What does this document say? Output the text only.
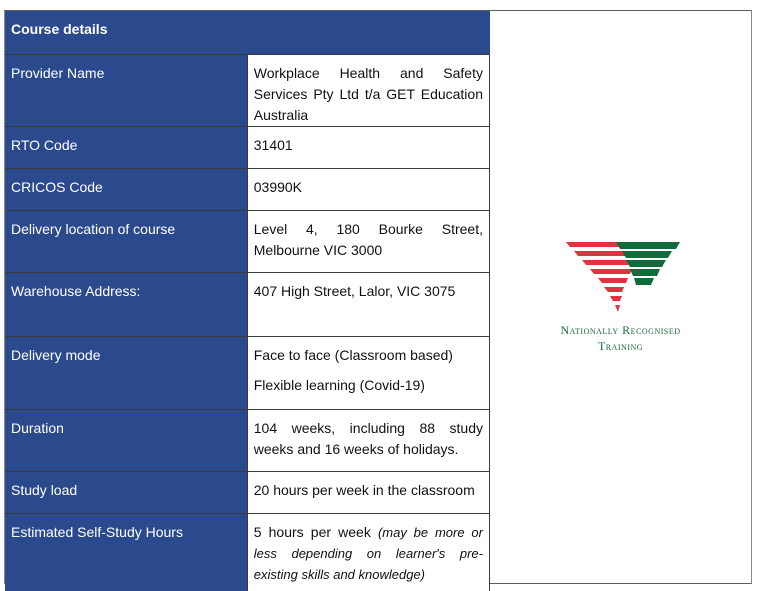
Course details	
Provider Name	Workplace Health and Safety Services Pty Ltd t/a GET Education Australia
RTO Code	31401
CRICOS Code	03990K
Delivery location of course	Level 4, 180 Bourke Street, Melbourne VIC 3000
Warehouse Address:	407 High Street, Lalor, VIC 3075
Delivery mode	Face to face (Classroom based)
Flexible learning (Covid-19)

Duration	104 weeks, including 88 study weeks and 16 weeks of holidays.
Study load	20 hours per week in the classroom
Estimated Self-Study Hours	5 hours per week (may be more or less depending on learner's pre-existing skills and knowledge)
Nationally Recognised
Training
